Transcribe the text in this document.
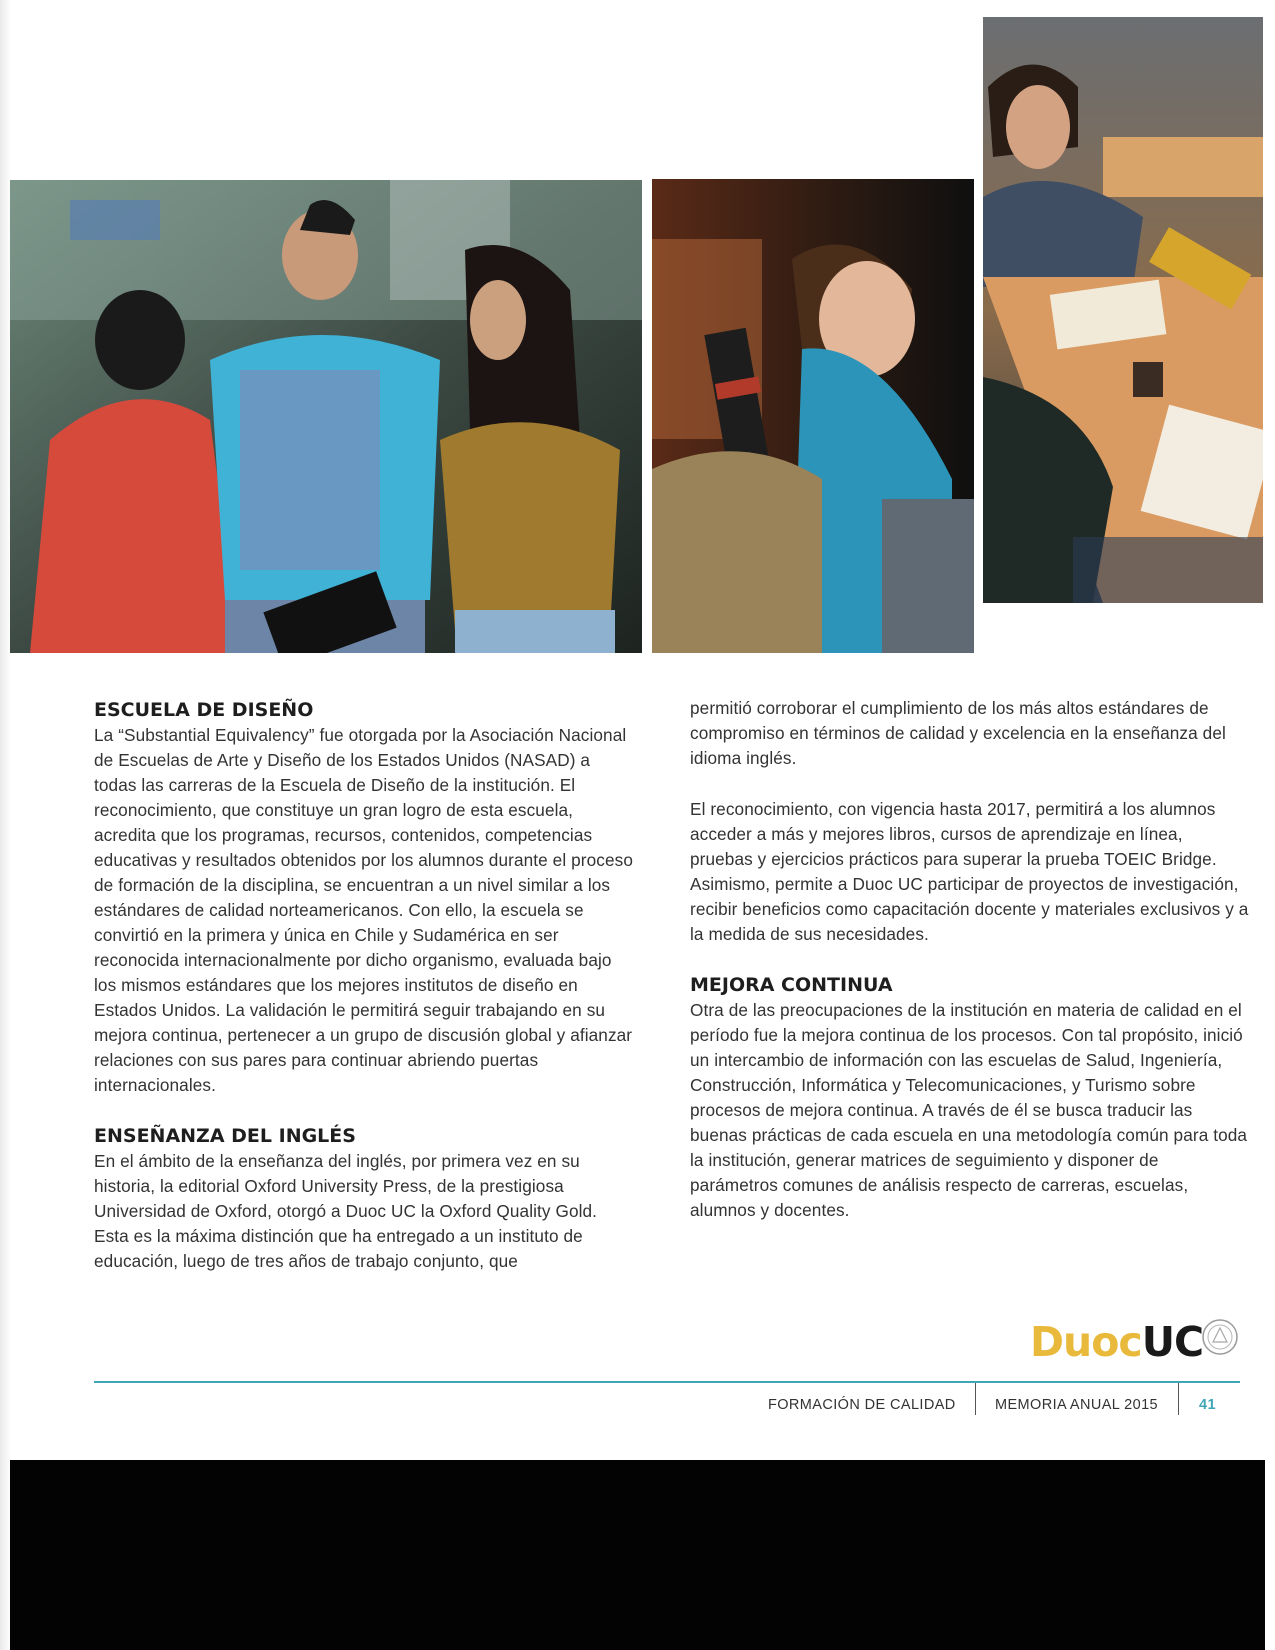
ESCUELA DE DISEÑO

La “Substantial Equivalency” fue otorgada por la Asociación Nacional de Escuelas de Arte y Diseño de los Estados Unidos (NASAD) a todas las carreras de la Escuela de Diseño de la institución. El reconocimiento, que constituye un gran logro de esta escuela, acredita que los programas, recursos, contenidos, competencias educativas y resultados obtenidos por los alumnos durante el proceso de formación de la disciplina, se encuentran a un nivel similar a los estándares de calidad norteamericanos. Con ello, la escuela se convirtió en la primera y única en Chile y Sudamérica en ser reconocida internacionalmente por dicho organismo, evaluada bajo los mismos estándares que los mejores institutos de diseño en Estados Unidos. La validación le permitirá seguir trabajando en su mejora continua, pertenecer a un grupo de discusión global y afianzar relaciones con sus pares para continuar abriendo puertas internacionales.

ENSEÑANZA DEL INGLÉS

En el ámbito de la enseñanza del inglés, por primera vez en su historia, la editorial Oxford University Press, de la prestigiosa Universidad de Oxford, otorgó a Duoc UC la Oxford Quality Gold. Esta es la máxima distinción que ha entregado a un instituto de educación, luego de tres años de trabajo conjunto, que

permitió corroborar el cumplimiento de los más altos estándares de compromiso en términos de calidad y excelencia en la enseñanza del idioma inglés.

El reconocimiento, con vigencia hasta 2017, permitirá a los alumnos acceder a más y mejores libros, cursos de aprendizaje en línea, pruebas y ejercicios prácticos para superar la prueba TOEIC Bridge. Asimismo, permite a Duoc UC participar de proyectos de investigación, recibir beneficios como capacitación docente y materiales exclusivos y a la medida de sus necesidades.

MEJORA CONTINUA

Otra de las preocupaciones de la institución en materia de calidad en el período fue la mejora continua de los procesos. Con tal propósito, inició un intercambio de información con las escuelas de Salud, Ingeniería, Construcción, Informática y Telecomunicaciones, y Turismo sobre procesos de mejora continua. A través de él se busca traducir las buenas prácticas de cada escuela en una metodología común para toda la institución, generar matrices de seguimiento y disponer de parámetros comunes de análisis respecto de carreras, escuelas, alumnos y docentes.

DuocUC
FORMACIÓN DE CALIDAD	MEMORIA ANUAL 2015	41
